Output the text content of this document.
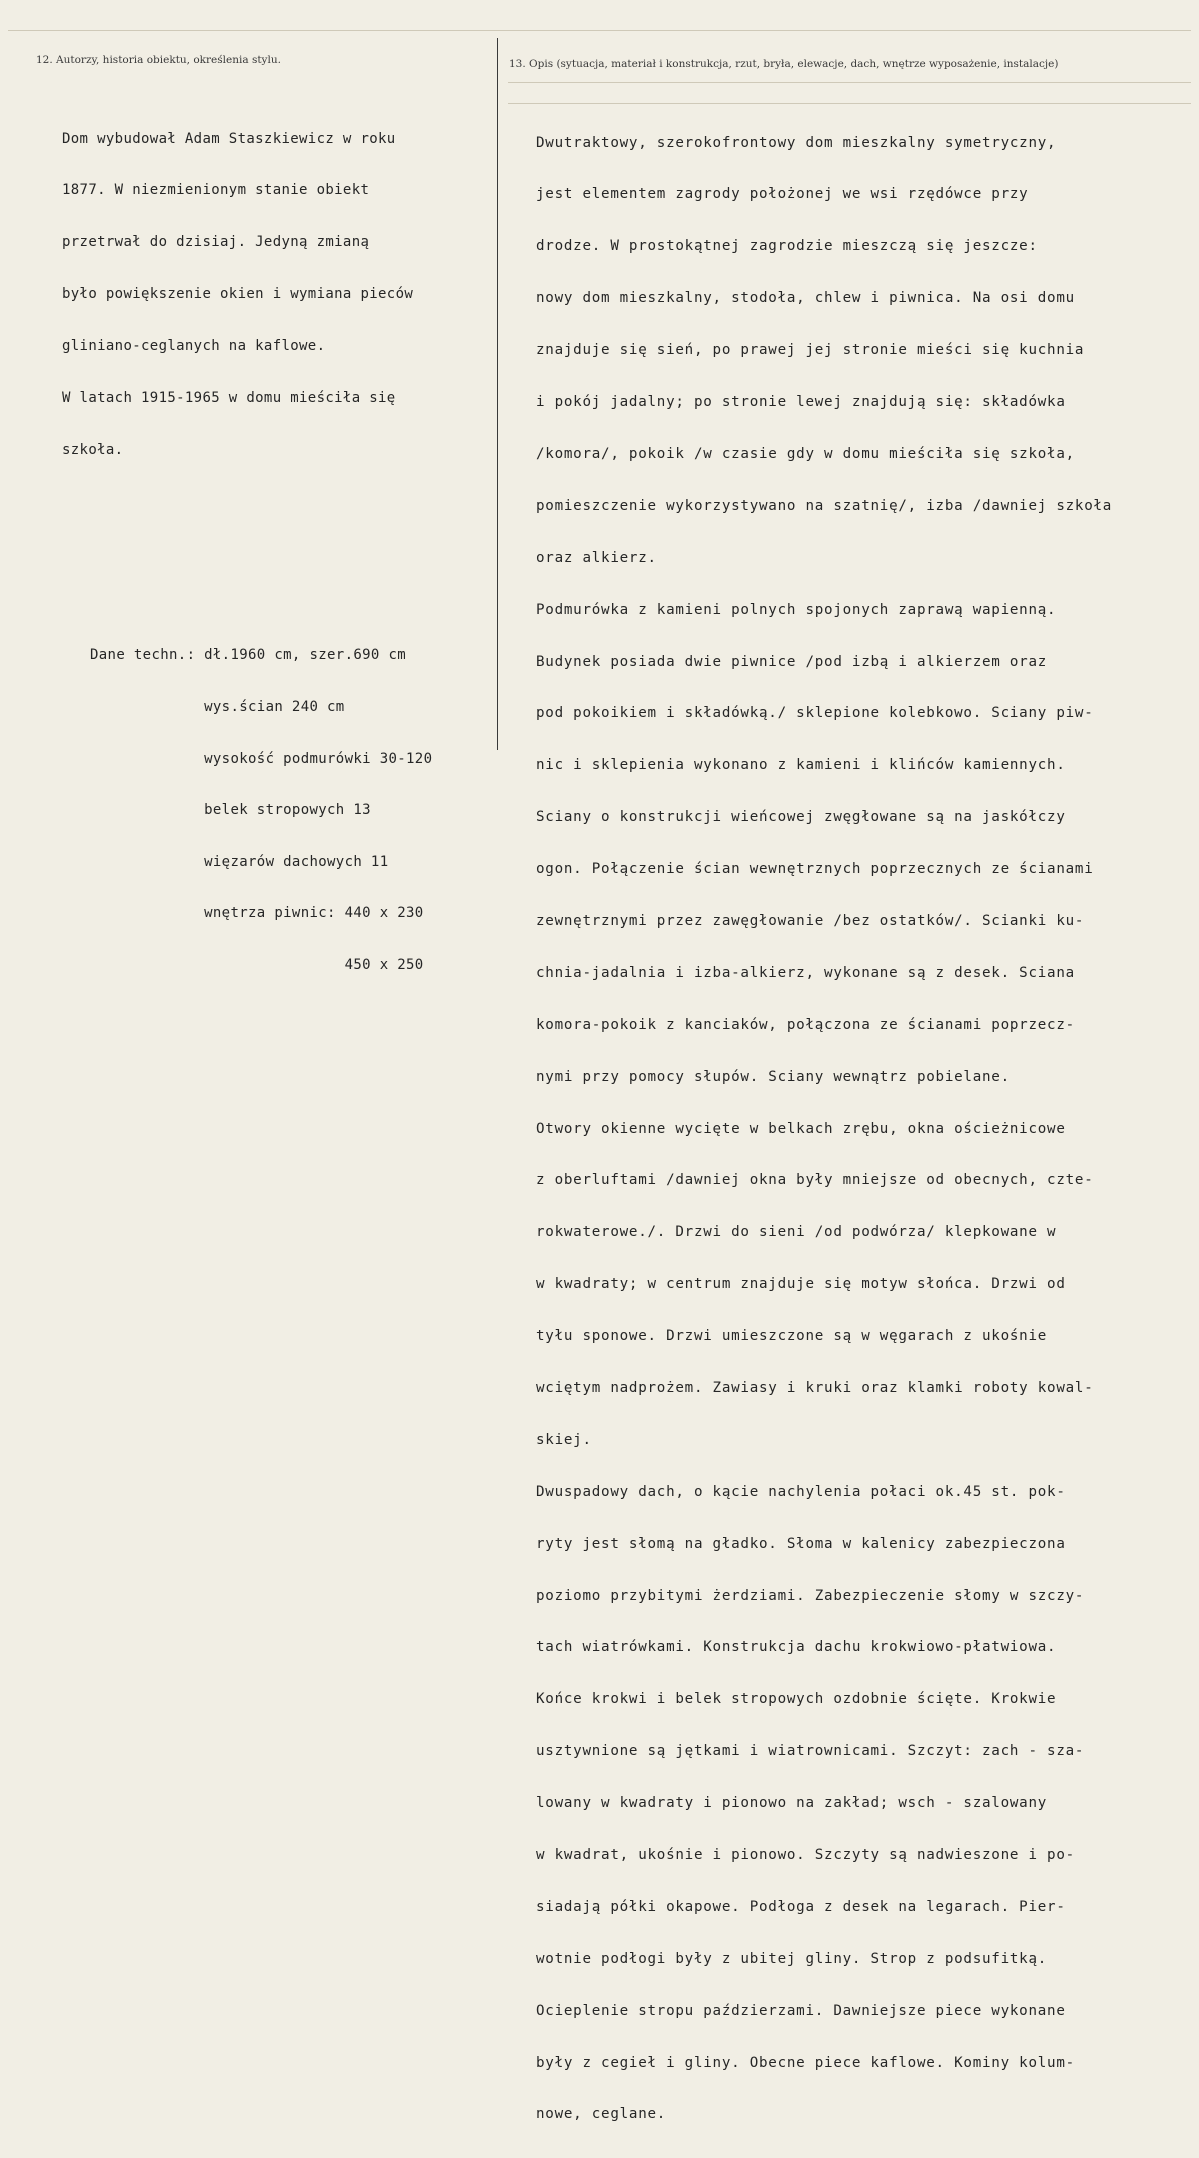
12. Autorzy, historia obiektu, określenia stylu.	13. Opis (sytuacja, materiał i konstrukcja, rzut, bryła, elewacje, dach, wnętrze wyposażenie, instalacje)

Dom wybudował Adam Staszkiewicz w roku

1877. W niezmienionym stanie obiekt

przetrwał do dzisiaj. Jedyną zmianą

było powiększenie okien i wymiana pieców

gliniano-ceglanych na kaflowe.

W latach 1915-1965 w domu mieściła się

szkoła.

Dane techn.: dł.1960 cm, szer.690 cm

wys.ścian 240 cm

wysokość podmurówki 30-120

belek stropowych 13

więzarów dachowych 11

wnętrza piwnic: 440 x 230

450 x 250

Dwutraktowy, szerokofrontowy dom mieszkalny symetryczny,

jest elementem zagrody położonej we wsi rzędówce przy

drodze. W prostokątnej zagrodzie mieszczą się jeszcze:

nowy dom mieszkalny, stodoła, chlew i piwnica. Na osi domu

znajduje się sień, po prawej jej stronie mieści się kuchnia

i pokój jadalny; po stronie lewej znajdują się: składówka

/komora/, pokoik /w czasie gdy w domu mieściła się szkoła,

pomieszczenie wykorzystywano na szatnię/, izba /dawniej szkoła

oraz alkierz.

Podmurówka z kamieni polnych spojonych zaprawą wapienną.

Budynek posiada dwie piwnice /pod izbą i alkierzem oraz

pod pokoikiem i składówką./ sklepione kolebkowo. Sciany piw-

nic i sklepienia wykonano z kamieni i klińców kamiennych.

Sciany o konstrukcji wieńcowej zwęgłowane są na jaskółczy

ogon. Połączenie ścian wewnętrznych poprzecznych ze ścianami

zewnętrznymi przez zawęgłowanie /bez ostatków/. Scianki ku-

chnia-jadalnia i izba-alkierz, wykonane są z desek. Sciana

komora-pokoik z kanciaków, połączona ze ścianami poprzecz-

nymi przy pomocy słupów. Sciany wewnątrz pobielane.

Otwory okienne wycięte w belkach zrębu, okna ościeżnicowe

z oberluftami /dawniej okna były mniejsze od obecnych, czte-

rokwaterowe./. Drzwi do sieni /od podwórza/ klepkowane w

w kwadraty; w centrum znajduje się motyw słońca. Drzwi od

tyłu sponowe. Drzwi umieszczone są w węgarach z ukośnie

wciętym nadprożem. Zawiasy i kruki oraz klamki roboty kowal-

skiej.

Dwuspadowy dach, o kącie nachylenia połaci ok.45 st. pok-

ryty jest słomą na gładko. Słoma w kalenicy zabezpieczona

poziomo przybitymi żerdziami. Zabezpieczenie słomy w szczy-

tach wiatrówkami. Konstrukcja dachu krokwiowo-płatwiowa.

Końce krokwi i belek stropowych ozdobnie ścięte. Krokwie

usztywnione są jętkami i wiatrownicami. Szczyt: zach - sza-

lowany w kwadraty i pionowo na zakład; wsch - szalowany

w kwadrat, ukośnie i pionowo. Szczyty są nadwieszone i po-

siadają półki okapowe. Podłoga z desek na legarach. Pier-

wotnie podłogi były z ubitej gliny. Strop z podsufitką.

Ocieplenie stropu paździerzami. Dawniejsze piece wykonane

były z cegieł i gliny. Obecne piece kaflowe. Kominy kolum-

nowe, ceglane.
